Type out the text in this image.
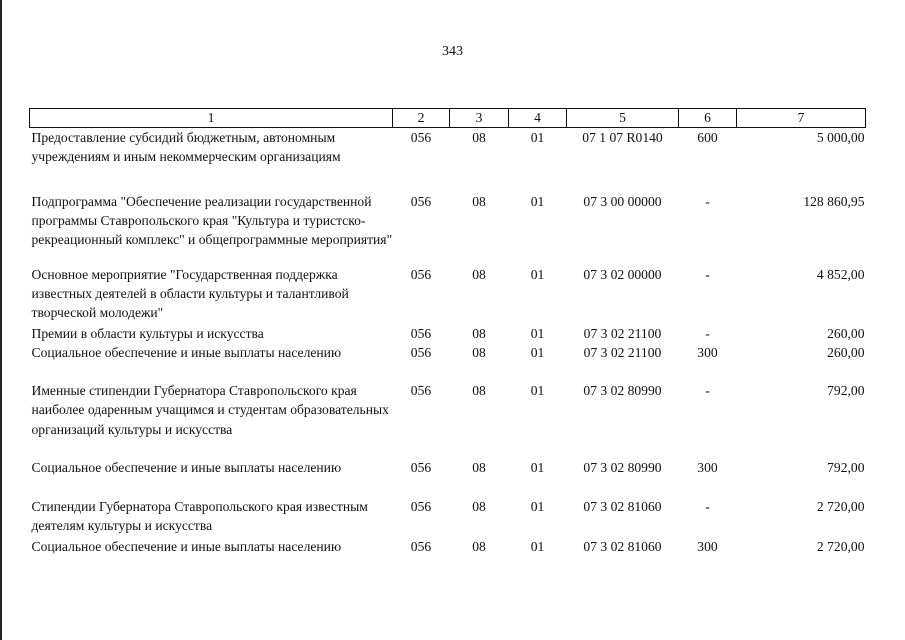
343
1	2	3	4	5	6	7
Предоставление субсидий бюджетным, автономным учреждениям и иным некоммерческим организациям	056	08	01	07 1 07 R0140	600	5 000,00
Подпрограмма "Обеспечение реализации государственной программы Ставропольского края "Культура и туристско-рекреационный комплекс" и общепрограммные мероприятия"	056	08	01	07 3 00 00000	-	128 860,95
Основное мероприятие "Государственная поддержка известных деятелей в области культуры и талантливой творческой молодежи"	056	08	01	07 3 02 00000	-	4 852,00
Премии в области культуры и искусства	056	08	01	07 3 02 21100	-	260,00
Социальное обеспечение и иные выплаты населению	056	08	01	07 3 02 21100	300	260,00
Именные стипендии Губернатора Ставропольского края наиболее одаренным учащимся и студентам образовательных организаций культуры и искусства	056	08	01	07 3 02 80990	-	792,00
Социальное обеспечение и иные выплаты населению	056	08	01	07 3 02 80990	300	792,00
Стипендии Губернатора Ставропольского края известным деятелям культуры и искусства	056	08	01	07 3 02 81060	-	2 720,00
Социальное обеспечение и иные выплаты населению	056	08	01	07 3 02 81060	300	2 720,00
